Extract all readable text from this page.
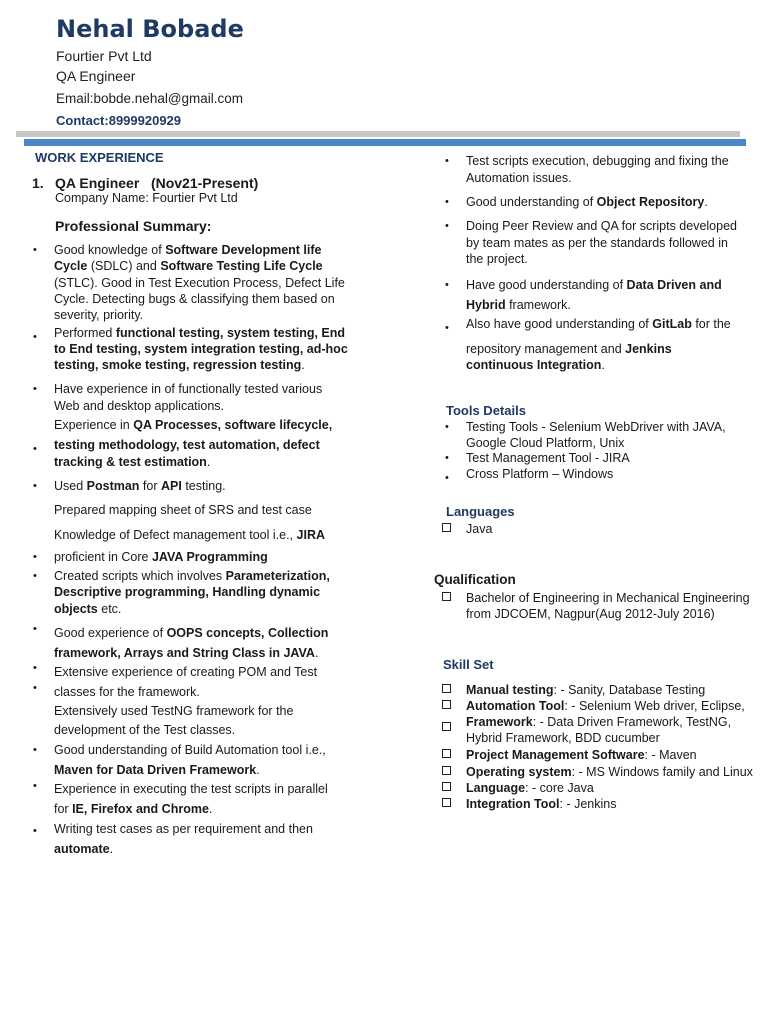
Nehal Bobade
Fourtier Pvt Ltd
QA Engineer
Email:bobde.nehal@gmail.com
Contact:8999920929
WORK EXPERIENCE
1. QA Engineer   (Nov21-Present)
Company Name: Fourtier Pvt Ltd
Professional Summary:
• Good knowledge of Software Development life
Cycle (SDLC) and Software Testing Life Cycle
(STLC). Good in Test Execution Process, Defect Life
Cycle. Detecting bugs & classifying them based on
severity, priority.
• Performed functional testing, system testing, End
to End testing, system integration testing, ad-hoc
testing, smoke testing, regression testing.
• Have experience in of functionally tested various
Web and desktop applications.
Experience in QA Processes, software lifecycle,
• testing methodology, test automation, defect
tracking & test estimation.
• Used Postman for API testing.
Prepared mapping sheet of SRS and test case
Knowledge of Defect management tool i.e., JIRA
• proficient in Core JAVA Programming
• Created scripts which involves Parameterization,
Descriptive programming, Handling dynamic
objects etc.
• Good experience of OOPS concepts, Collection
framework, Arrays and String Class in JAVA.
• Extensive experience of creating POM and Test
• classes for the framework.
Extensively used TestNG framework for the
development of the Test classes.
• Good understanding of Build Automation tool i.e.,
Maven for Data Driven Framework.
• Experience in executing the test scripts in parallel
for IE, Firefox and Chrome.
• Writing test cases as per requirement and then
automate.
• Test scripts execution, debugging and fixing the
Automation issues.
• Good understanding of Object Repository.
• Doing Peer Review and QA for scripts developed
by team mates as per the standards followed in
the project.
• Have good understanding of Data Driven and
Hybrid framework.
• Also have good understanding of GitLab for the
repository management and Jenkins
continuous Integration.
Tools Details
• Testing Tools - Selenium WebDriver with JAVA,
Google Cloud Platform, Unix
• Test Management Tool - JIRA
• Cross Platform – Windows
Languages
Java
Qualification
Bachelor of Engineering in Mechanical Engineering
from JDCOEM, Nagpur(Aug 2012-July 2016)
Skill Set
Manual testing: - Sanity, Database Testing
Automation Tool: - Selenium Web driver, Eclipse,
Framework: - Data Driven Framework, TestNG,
Hybrid Framework, BDD cucumber
Project Management Software: - Maven
Operating system: - MS Windows family and Linux
Language: - core Java
Integration Tool: - Jenkins
